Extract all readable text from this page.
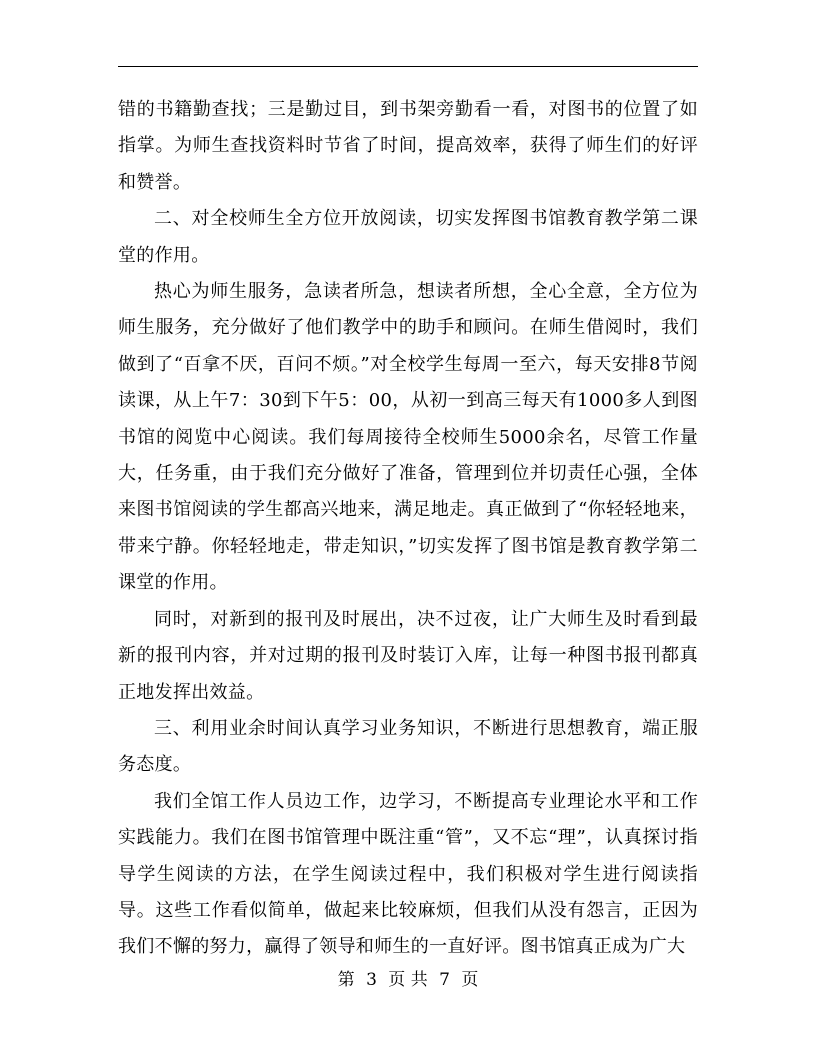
错的书籍勤查找；三是勤过目，到书架旁勤看一看，对图书的位置了如指掌。为师生查找资料时节省了时间，提高效率，获得了师生们的好评和赞誉。

二、对全校师生全方位开放阅读，切实发挥图书馆教育教学第二课堂的作用。

热心为师生服务，急读者所急，想读者所想，全心全意，全方位为师生服务，充分做好了他们教学中的助手和顾问。在师生借阅时，我们做到了“百拿不厌，百问不烦。”对全校学生每周一至六，每天安排8节阅读课，从上午7：30到下午5：00，从初一到高三每天有1000多人到图书馆的阅览中心阅读。我们每周接待全校师生5000余名，尽管工作量大，任务重，由于我们充分做好了准备，管理到位并切责任心强，全体来图书馆阅读的学生都高兴地来，满足地走。真正做到了“你轻轻地来，带来宁静。你轻轻地走，带走知识，”切实发挥了图书馆是教育教学第二课堂的作用。

同时，对新到的报刊及时展出，决不过夜，让广大师生及时看到最新的报刊内容，并对过期的报刊及时装订入库，让每一种图书报刊都真正地发挥出效益。

三、利用业余时间认真学习业务知识，不断进行思想教育，端正服务态度。

我们全馆工作人员边工作，边学习，不断提高专业理论水平和工作实践能力。我们在图书馆管理中既注重“管”，又不忘“理”，认真探讨指导学生阅读的方法，在学生阅读过程中，我们积极对学生进行阅读指导。这些工作看似简单，做起来比较麻烦，但我们从没有怨言，正因为我们不懈的努力，赢得了领导和师生的一直好评。图书馆真正成为广大

第 3 页 共 7 页
